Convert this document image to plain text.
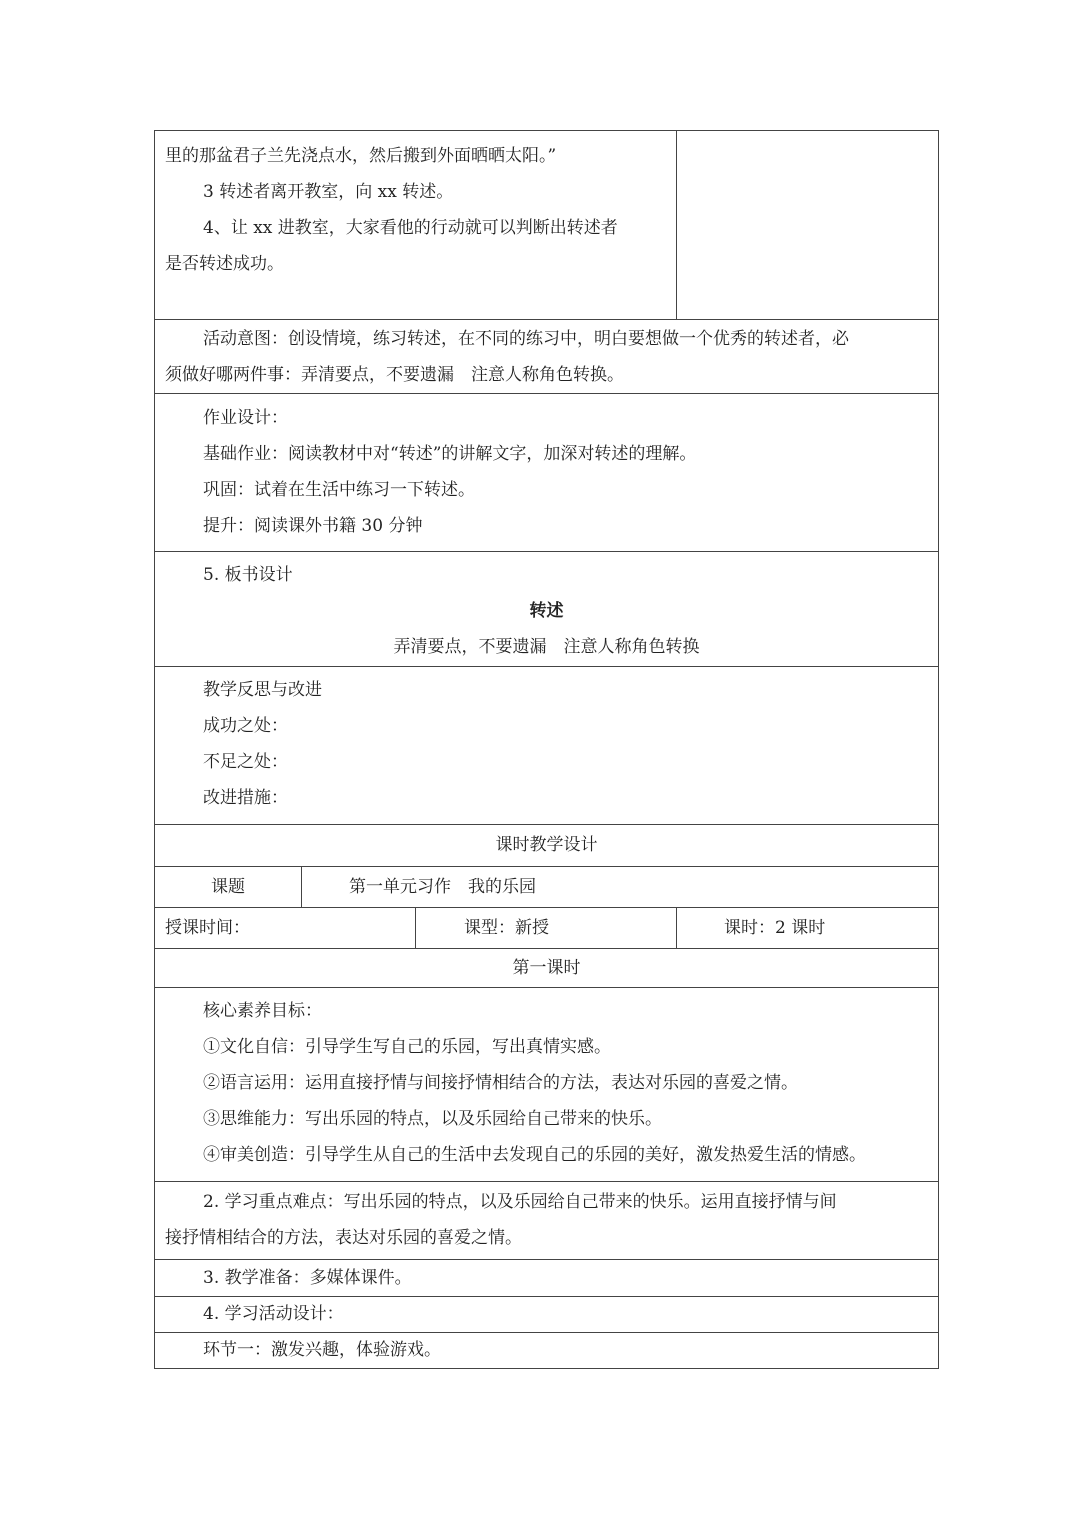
里的那盆君子兰先浇点水，然后搬到外面晒晒太阳。”

3 转述者离开教室，向 xx 转述。

4、让 xx 进教室，大家看他的行动就可以判断出转述者

是否转述成功。			

活动意图：创设情境，练习转述，在不同的练习中，明白要想做一个优秀的转述者，必

须做好哪两件事：弄清要点，不要遗漏　注意人称角色转换。			

作业设计：

基础作业：阅读教材中对“转述”的讲解文字，加深对转述的理解。

巩固：试着在生活中练习一下转述。

提升：阅读课外书籍 30 分钟			

5. 板书设计

转述

弄清要点，不要遗漏　注意人称角色转换			

教学反思与改进

成功之处：

不足之处：

改进措施：			

课时教学设计			
课题	第一单元习作　我的乐园		
授课时间：		课型：新授	课时：2 课时
第一课时			

核心素养目标：

①文化自信：引导学生写自己的乐园，写出真情实感。

②语言运用：运用直接抒情与间接抒情相结合的方法，表达对乐园的喜爱之情。

③思维能力：写出乐园的特点，以及乐园给自己带来的快乐。

④审美创造：引导学生从自己的生活中去发现自己的乐园的美好，激发热爱生活的情感。			

2. 学习重点难点：写出乐园的特点，以及乐园给自己带来的快乐。运用直接抒情与间

接抒情相结合的方法，表达对乐园的喜爱之情。			

3. 教学准备：多媒体课件。			

4. 学习活动设计：			

环节一：激发兴趣，体验游戏。			
